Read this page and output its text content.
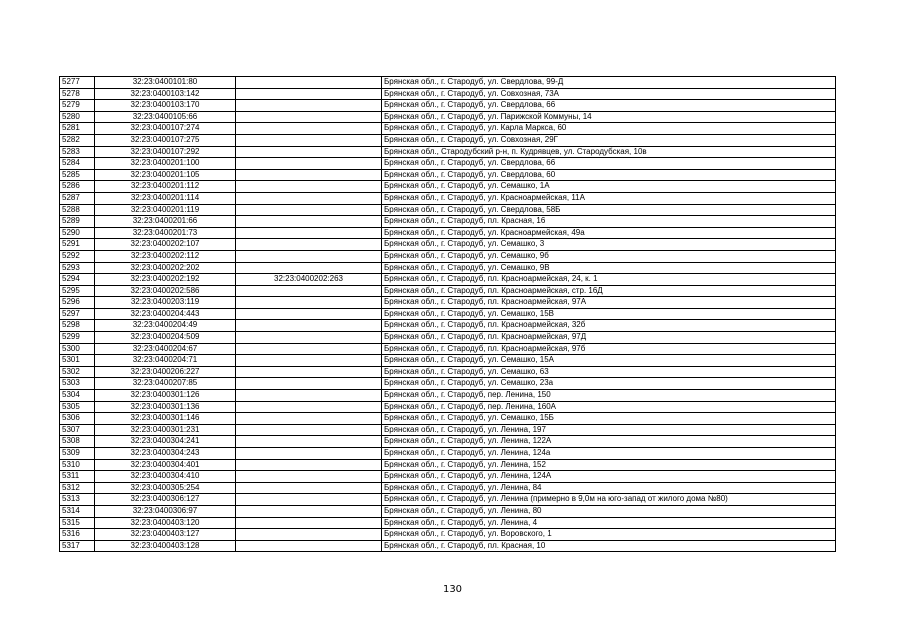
5277	32:23:0400101:80		Брянская обл., г. Стародуб, ул. Свердлова, 99-Д
5278	32:23:0400103:142		Брянская обл., г. Стародуб, ул. Совхозная, 73А
5279	32:23:0400103:170		Брянская обл., г. Стародуб, ул. Свердлова, 66
5280	32:23:0400105:66		Брянская обл., г. Стародуб, ул. Парижской Коммуны, 14
5281	32:23:0400107:274		Брянская обл., г. Стародуб, ул. Карла Маркса, 60
5282	32:23:0400107:275		Брянская обл., г. Стародуб, ул. Совхозная, 29Г
5283	32:23:0400107:292		Брянская обл., Стародубский р-н, п. Кудрявцев, ул. Стародубская, 10в
5284	32:23:0400201:100		Брянская обл., г. Стародуб, ул. Свердлова, 66
5285	32:23:0400201:105		Брянская обл., г. Стародуб, ул. Свердлова, 60
5286	32:23:0400201:112		Брянская обл., г. Стародуб, ул. Семашко, 1А
5287	32:23:0400201:114		Брянская обл., г. Стародуб, ул. Красноармейская, 11А
5288	32:23:0400201:119		Брянская обл., г. Стародуб, ул. Свердлова, 58Б
5289	32:23:0400201:66		Брянская обл., г. Стародуб, пл. Красная, 16
5290	32:23:0400201:73		Брянская обл., г. Стародуб, ул. Красноармейская, 49а
5291	32:23:0400202:107		Брянская обл., г. Стародуб, ул. Семашко, 3
5292	32:23:0400202:112		Брянская обл., г. Стародуб, ул. Семашко, 9б
5293	32:23:0400202:202		Брянская обл., г. Стародуб, ул. Семашко, 9В
5294	32:23:0400202:192	32:23:0400202:263	Брянская обл., г. Стародуб, пл. Красноармейская, 24, к. 1
5295	32:23:0400202:586		Брянская обл., г. Стародуб, пл. Красноармейская, стр. 16Д
5296	32:23:0400203:119		Брянская обл., г. Стародуб, пл. Красноармейская, 97А
5297	32:23:0400204:443		Брянская обл., г. Стародуб, ул. Семашко, 15В
5298	32:23:0400204:49		Брянская обл., г. Стародуб, пл. Красноармейская, 32б
5299	32:23:0400204:509		Брянская обл., г. Стародуб, пл. Красноармейская, 97Д
5300	32:23:0400204:67		Брянская обл., г. Стародуб, пл. Красноармейская, 97б
5301	32:23:0400204:71		Брянская обл., г. Стародуб, ул. Семашко, 15А
5302	32:23:0400206:227		Брянская обл., г. Стародуб, ул. Семашко, 63
5303	32:23:0400207:85		Брянская обл., г. Стародуб, ул. Семашко, 23а
5304	32:23:0400301:126		Брянская обл., г. Стародуб, пер. Ленина, 150
5305	32:23:0400301:136		Брянская обл., г. Стародуб, пер. Ленина, 160А
5306	32:23:0400301:146		Брянская обл., г. Стародуб, ул. Семашко, 15Б
5307	32:23:0400301:231		Брянская обл., г. Стародуб, ул. Ленина, 197
5308	32:23:0400304:241		Брянская обл., г. Стародуб, ул. Ленина, 122А
5309	32:23:0400304:243		Брянская обл., г. Стародуб, ул. Ленина, 124а
5310	32:23:0400304:401		Брянская обл., г. Стародуб, ул. Ленина, 152
5311	32:23:0400304:410		Брянская обл., г. Стародуб, ул. Ленина, 124А
5312	32:23:0400305:254		Брянская обл., г. Стародуб, ул. Ленина, 84
5313	32:23:0400306:127		Брянская обл., г. Стародуб, ул. Ленина (примерно в 9,0м на юго-запад от жилого дома №80)
5314	32:23:0400306:97		Брянская обл., г. Стародуб, ул. Ленина, 80
5315	32:23:0400403:120		Брянская обл., г. Стародуб, ул. Ленина, 4
5316	32:23:0400403:127		Брянская обл., г. Стародуб, ул. Воровского, 1
5317	32:23:0400403:128		Брянская обл., г. Стародуб, пл. Красная, 10
130
